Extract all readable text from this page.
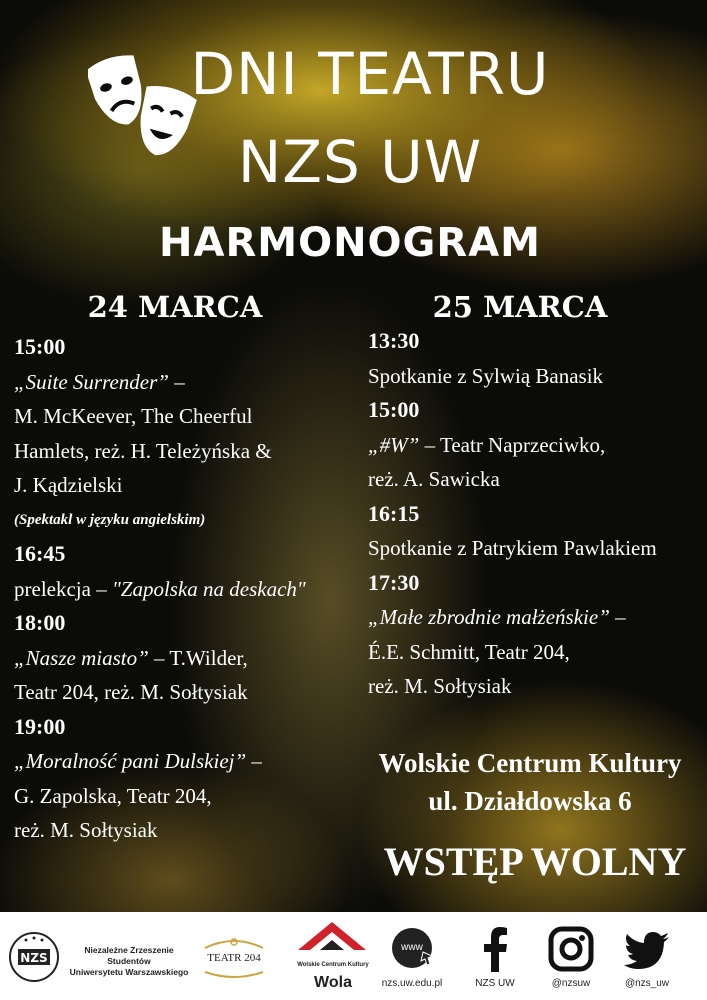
DNI TEATRU
NZS UW
HARMONOGRAM
24 MARCA	25 MARCA
15:00
„Suite Surrender” –
M. McKeever, The Cheerful
Hamlets, reż. H. Teleżyńska &
J. Kądzielski
(Spektakl w języku angielskim)
16:45
prelekcja – "Zapolska na deskach"
18:00
„Nasze miasto” – T.Wilder,
Teatr 204, reż. M. Sołtysiak
19:00
„Moralność pani Dulskiej” –
G. Zapolska, Teatr 204,
reż. M. Sołtysiak
13:30
Spotkanie z Sylwią Banasik
15:00
„#W” – Teatr Naprzeciwko,
reż. A. Sawicka
16:15
Spotkanie z Patrykiem Pawlakiem
17:30
„Małe zbrodnie małżeńskie” –
É.E. Schmitt, Teatr 204,
reż. M. Sołtysiak
Wolskie Centrum Kultury
ul. Działdowska 6
WSTĘP WOLNY
NZS
Niezależne Zrzeszenie Studentów
Uniwersytetu Warszawskiego
TEATR 204
Wolskie Centrum Kultury
Wola
www
nzs.uw.edu.pl	NZS UW	@nzsuw	@nzs_uw
